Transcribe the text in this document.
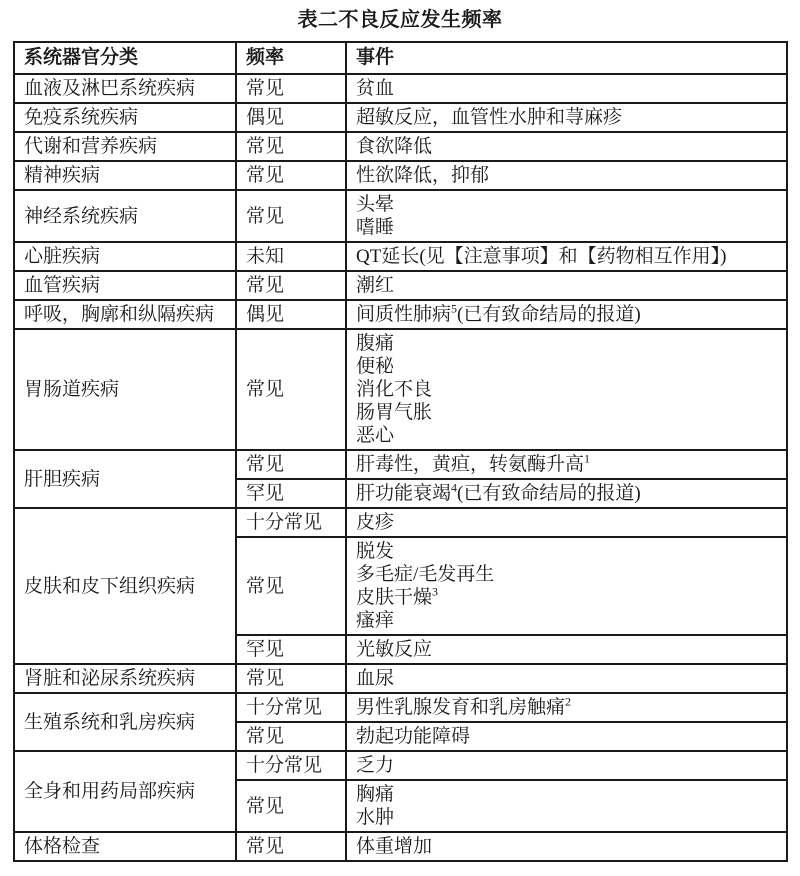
表二不良反应发生频率
系统器官分类	频率	事件
血液及淋巴系统疾病	常见	贫血

免疫系统疾病	偶见	超敏反应，血管性水肿和荨麻疹

代谢和营养疾病	常见	食欲降低

精神疾病	常见	性欲降低，抑郁

神经系统疾病	常见	头晕
嗜睡

心脏疾病	未知	QT延长(见【注意事项】和【药物相互作用】)

血管疾病	常见	潮红

呼吸，胸廓和纵隔疾病	偶见	间质性肺病$^5$(已有致命结局的报道)

胃肠道疾病	常见	腹痛
便秘
消化不良
肠胃气胀
恶心

肝胆疾病	常见	肝毒性，黄疸，转氨酶升高$^1$

	罕见	肝功能衰竭$^4$(已有致命结局的报道)

皮肤和皮下组织疾病	十分常见	皮疹

	常见	脱发
多毛症/毛发再生
皮肤干燥$^3$
瘙痒

	罕见	光敏反应

肾脏和泌尿系统疾病	常见	血尿

生殖系统和乳房疾病	十分常见	男性乳腺发育和乳房触痛$^2$

	常见	勃起功能障碍

全身和用药局部疾病	十分常见	乏力

	常见	胸痛
水肿

体格检查	常见	体重增加
